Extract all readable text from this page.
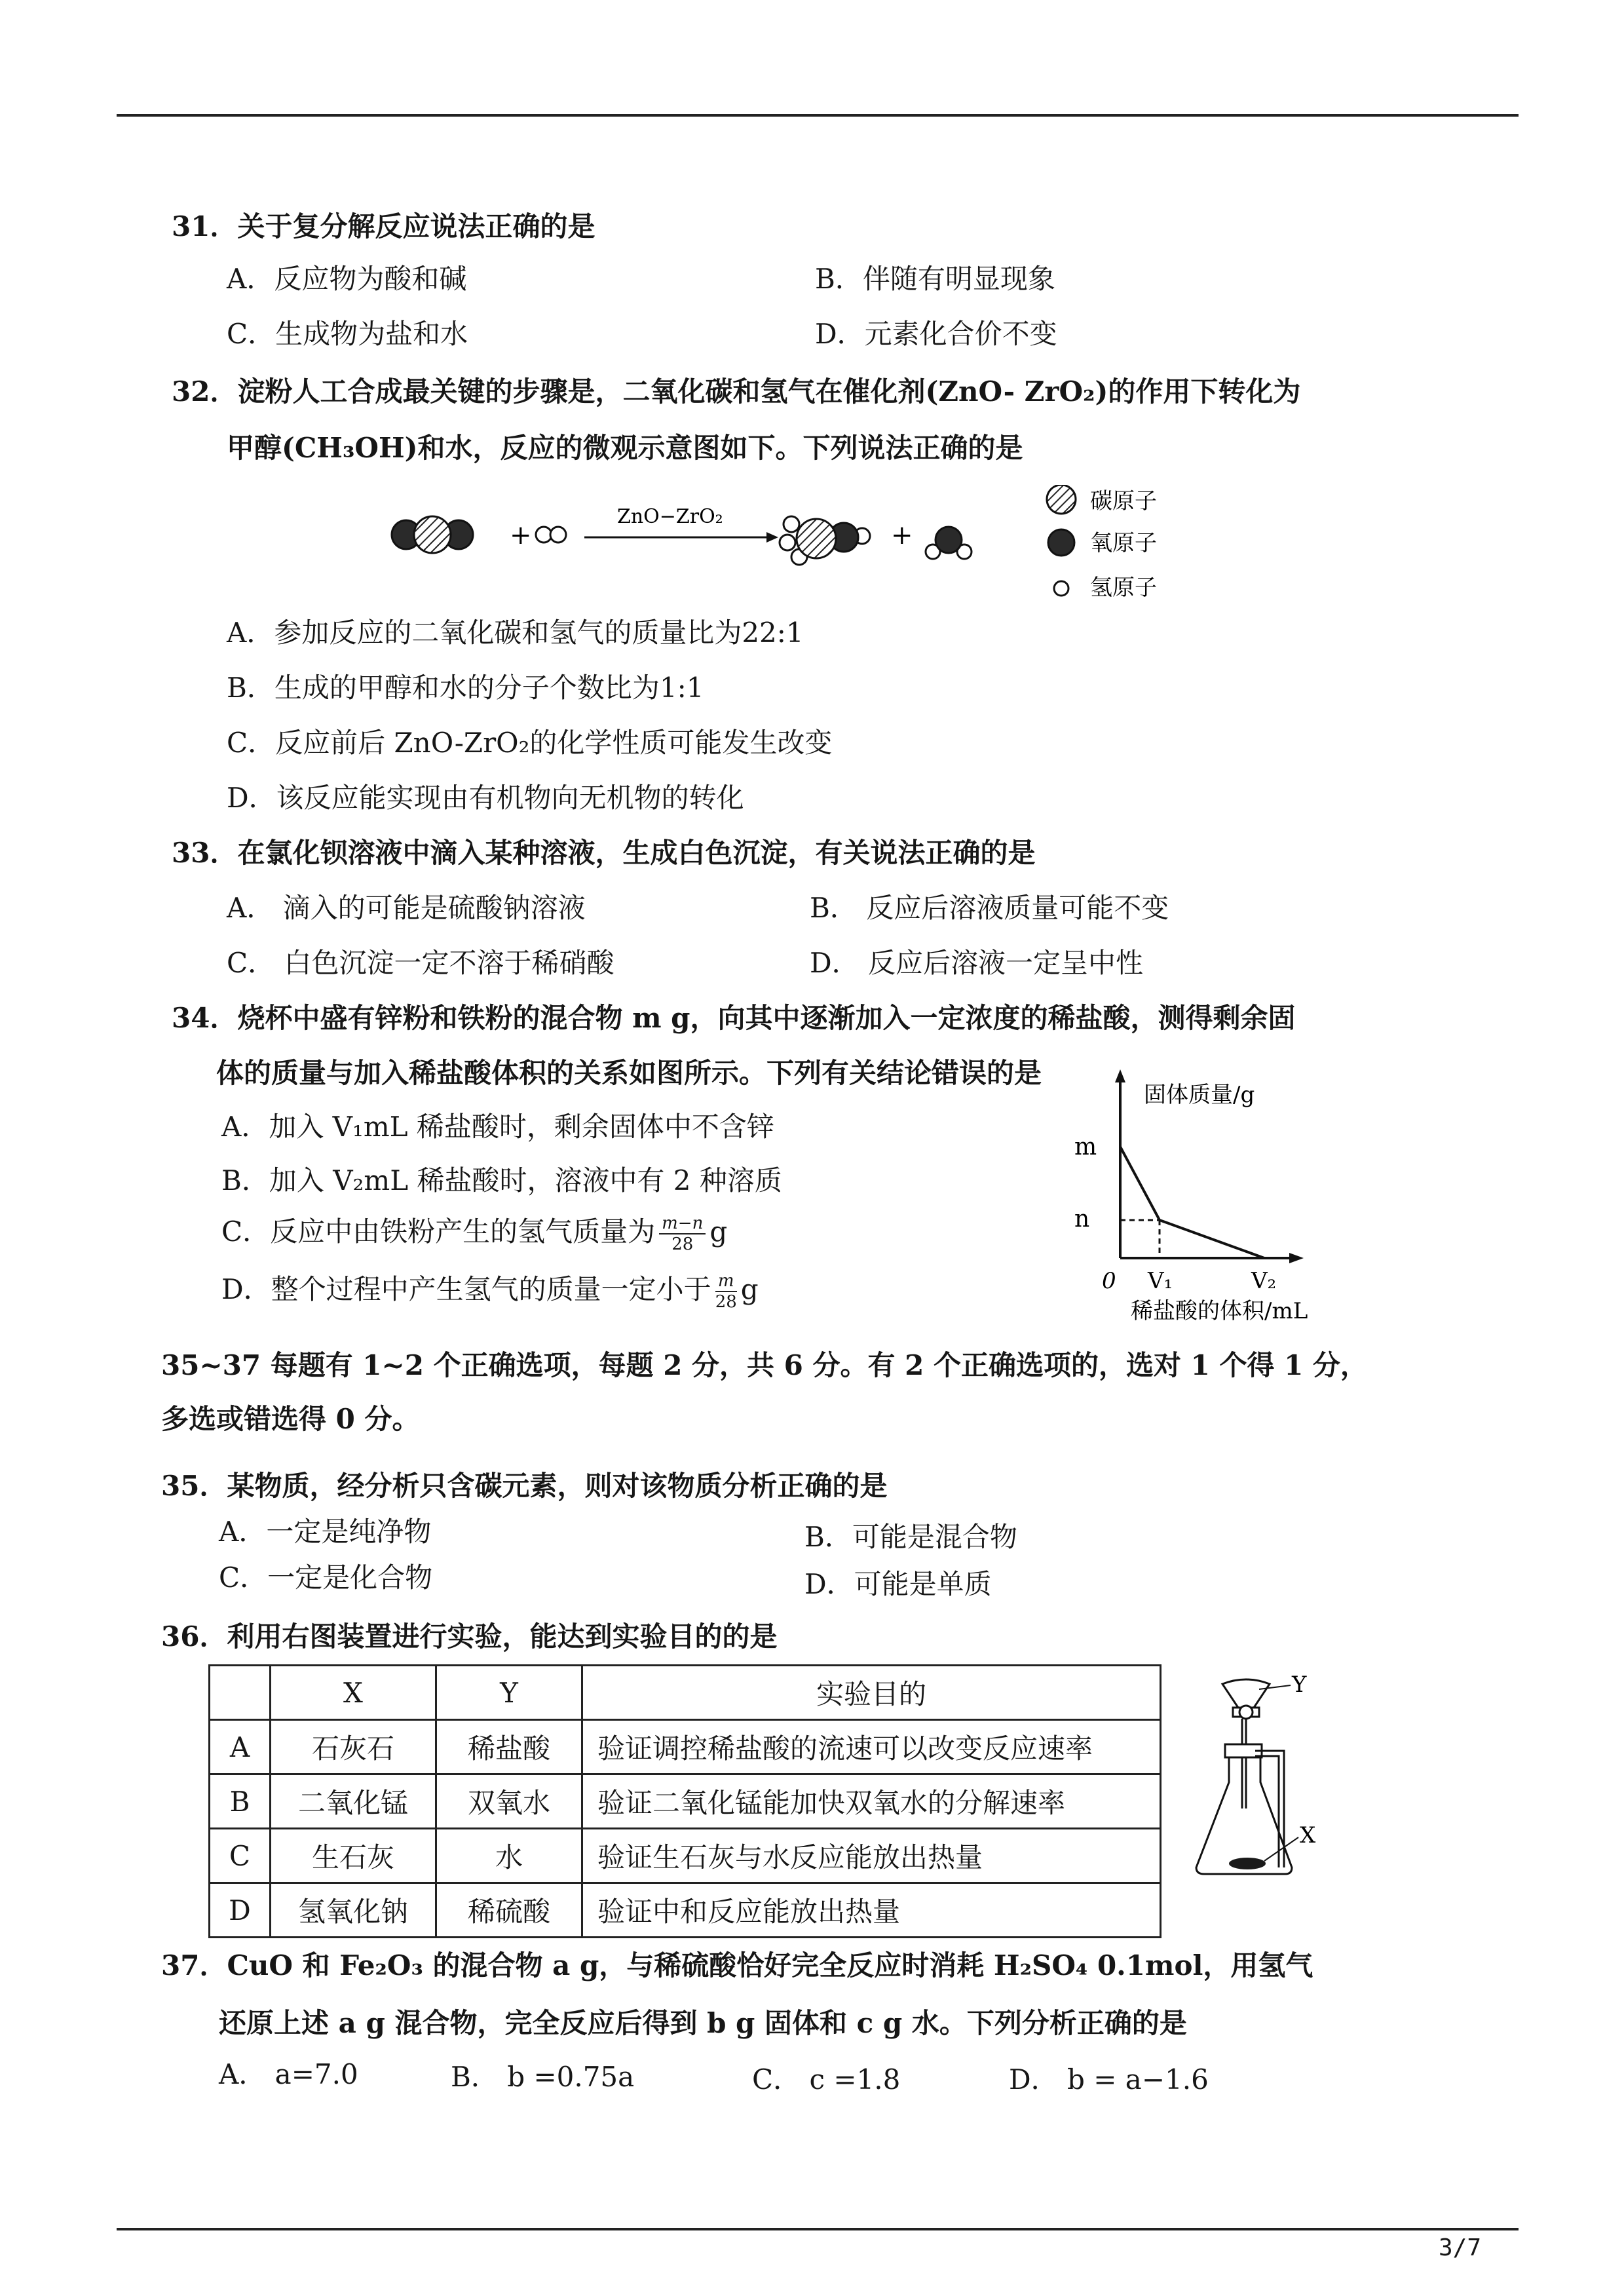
31．关于复分解反应说法正确的是
A．反应物为酸和碱	B．伴随有明显现象
C．生成物为盐和水	D．元素化合价不变
32．淀粉人工合成最关键的步骤是，二氧化碳和氢气在催化剂(ZnO- ZrO₂)的作用下转化为
甲醇(CH₃OH)和水，反应的微观示意图如下。下列说法正确的是
+
ZnO−ZrO₂
+
碳原子
氧原子
氢原子
A．参加反应的二氧化碳和氢气的质量比为22:1
B．生成的甲醇和水的分子个数比为1:1
C．反应前后 ZnO-ZrO₂的化学性质可能发生改变
D．该反应能实现由有机物向无机物的转化
33．在氯化钡溶液中滴入某种溶液，生成白色沉淀，有关说法正确的是
A． 滴入的可能是硫酸钠溶液	B． 反应后溶液质量可能不变
C． 白色沉淀一定不溶于稀硝酸	D． 反应后溶液一定呈中性
34．烧杯中盛有锌粉和铁粉的混合物 m g，向其中逐渐加入一定浓度的稀盐酸，测得剩余固
体的质量与加入稀盐酸体积的关系如图所示。下列有关结论错误的是
A．加入 V₁mL 稀盐酸时，剩余固体中不含锌
B．加入 V₂mL 稀盐酸时，溶液中有 2 种溶质
C．反应中由铁粉产生的氢气质量为 $\frac{m-n}{28}$ g
D．整个过程中产生氢气的质量一定小于 $\frac{m}{28}$ g
固体质量/g
m
n
0 V₁	V₂
稀盐酸的体积/mL
35~37 每题有 1~2 个正确选项，每题 2 分，共 6 分。有 2 个正确选项的，选对 1 个得 1 分，
多选或错选得 0 分。
35．某物质，经分析只含碳元素，则对该物质分析正确的是
A．一定是纯净物	B．可能是混合物
C．一定是化合物	D．可能是单质
36．利用右图装置进行实验，能达到实验目的的是
	X	Y	实验目的
A	石灰石	稀盐酸	验证调控稀盐酸的流速可以改变反应速率
B	二氧化锰	双氧水	验证二氧化锰能加快双氧水的分解速率
C	生石灰	水	验证生石灰与水反应能放出热量
D	氢氧化钠	稀硫酸	验证中和反应能放出热量
Y
X
37．CuO 和 Fe₂O₃ 的混合物 a g，与稀硫酸恰好完全反应时消耗 H₂SO₄ 0.1mol，用氢气
还原上述 a g 混合物，完全反应后得到 b g 固体和 c g 水。下列分析正确的是
A． a=7.0	B． b =0.75a	C． c =1.8	D． b = a−1.6
3/7
